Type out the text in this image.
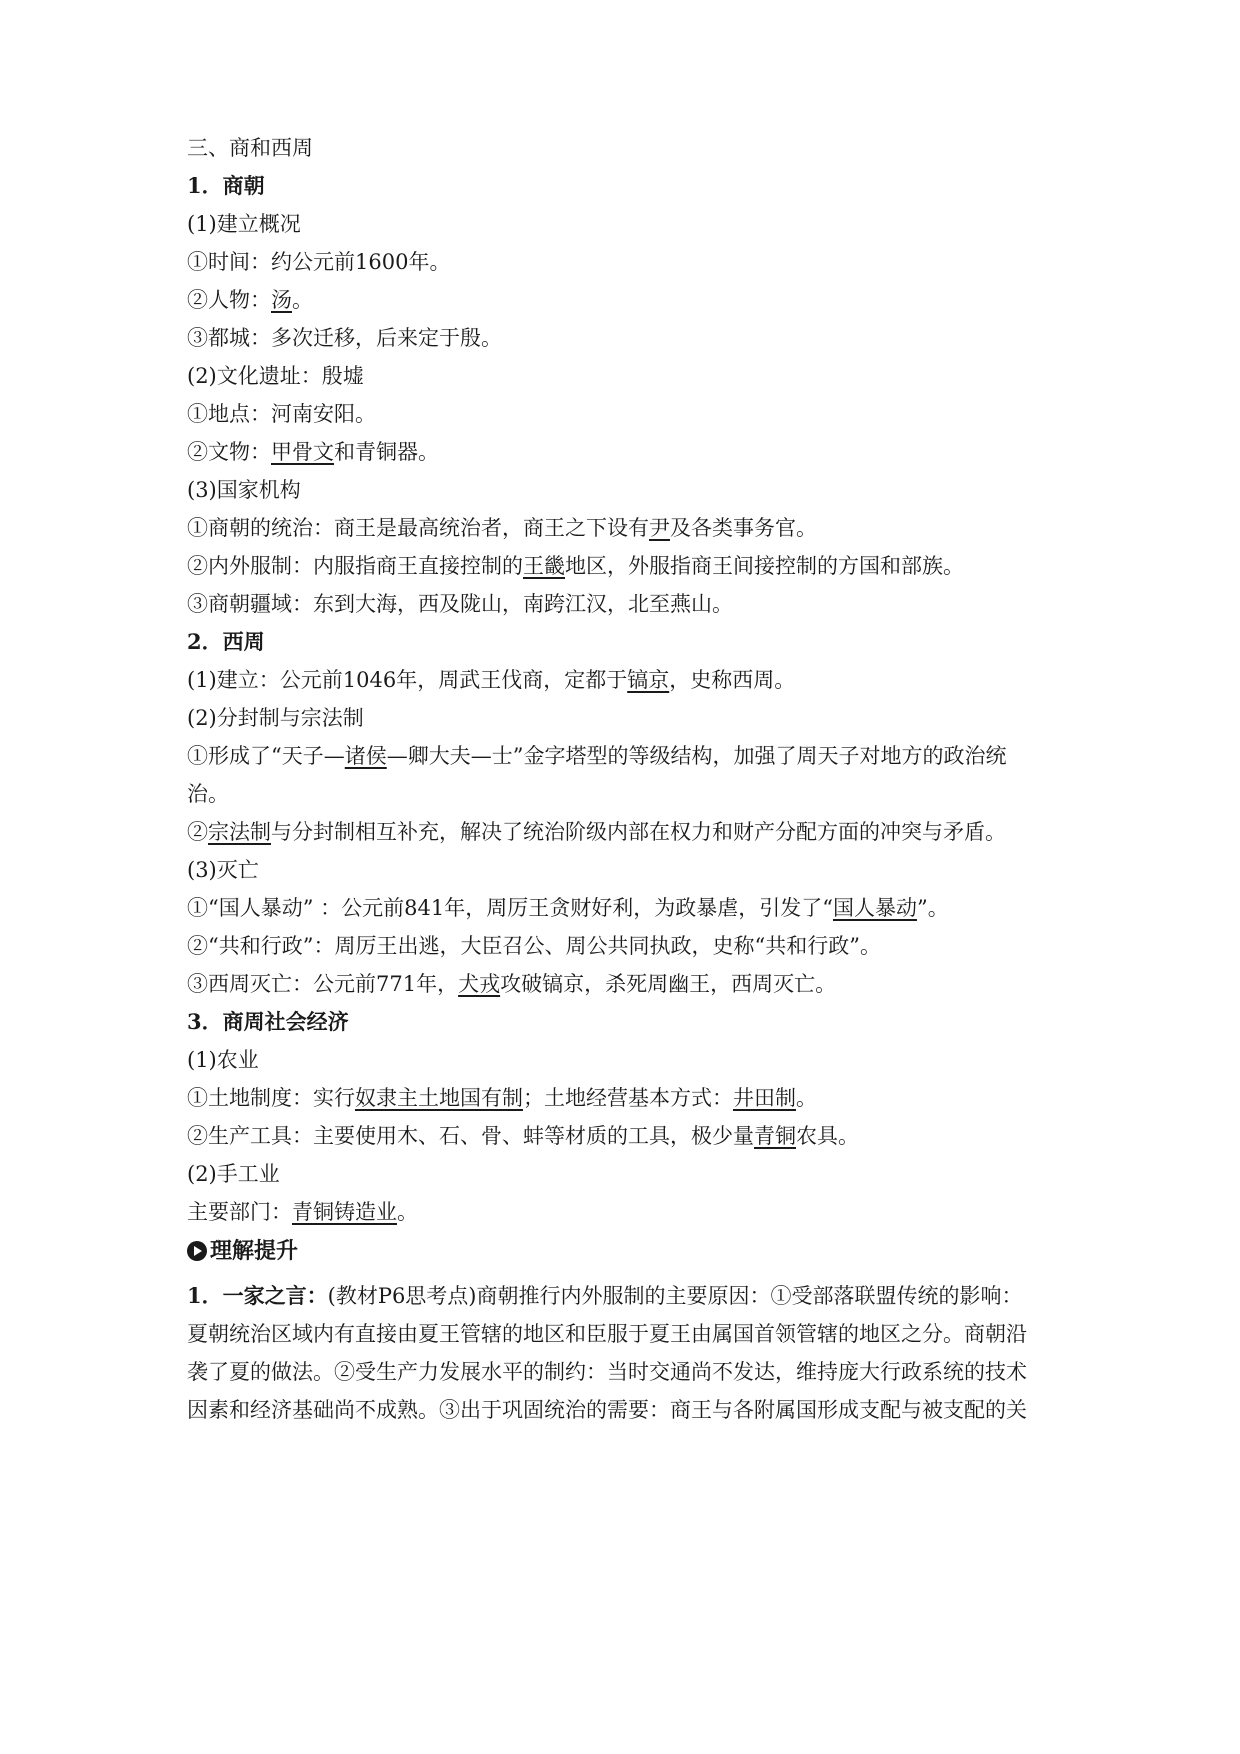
三、商和西周
1．商朝
(1)建立概况
①时间：约公元前1600年。
②人物：汤。
③都城：多次迁移，后来定于殷。
(2)文化遗址：殷墟
①地点：河南安阳。
②文物：甲骨文和青铜器。
(3)国家机构
①商朝的统治：商王是最高统治者，商王之下设有尹及各类事务官。
②内外服制：内服指商王直接控制的王畿地区，外服指商王间接控制的方国和部族。
③商朝疆域：东到大海，西及陇山，南跨江汉，北至燕山。
2．西周
(1)建立：公元前1046年，周武王伐商，定都于镐京，史称西周。
(2)分封制与宗法制
①形成了“天子—诸侯—卿大夫—士”金字塔型的等级结构，加强了周天子对地方的政治统
治。
②宗法制与分封制相互补充，解决了统治阶级内部在权力和财产分配方面的冲突与矛盾。
(3)灭亡
①“国人暴动” ：公元前841年，周厉王贪财好利，为政暴虐，引发了“国人暴动”。
②“共和行政”：周厉王出逃，大臣召公、周公共同执政，史称“共和行政”。
③西周灭亡：公元前771年，犬戎攻破镐京，杀死周幽王，西周灭亡。
3．商周社会经济
(1)农业
①土地制度：实行奴隶主土地国有制；土地经营基本方式：井田制。
②生产工具：主要使用木、石、骨、蚌等材质的工具，极少量青铜农具。
(2)手工业
主要部门：青铜铸造业。
理解提升
1．一家之言：(教材P6思考点)商朝推行内外服制的主要原因：①受部落联盟传统的影响：
夏朝统治区域内有直接由夏王管辖的地区和臣服于夏王由属国首领管辖的地区之分。商朝沿
袭了夏的做法。②受生产力发展水平的制约：当时交通尚不发达，维持庞大行政系统的技术
因素和经济基础尚不成熟。③出于巩固统治的需要：商王与各附属国形成支配与被支配的关
